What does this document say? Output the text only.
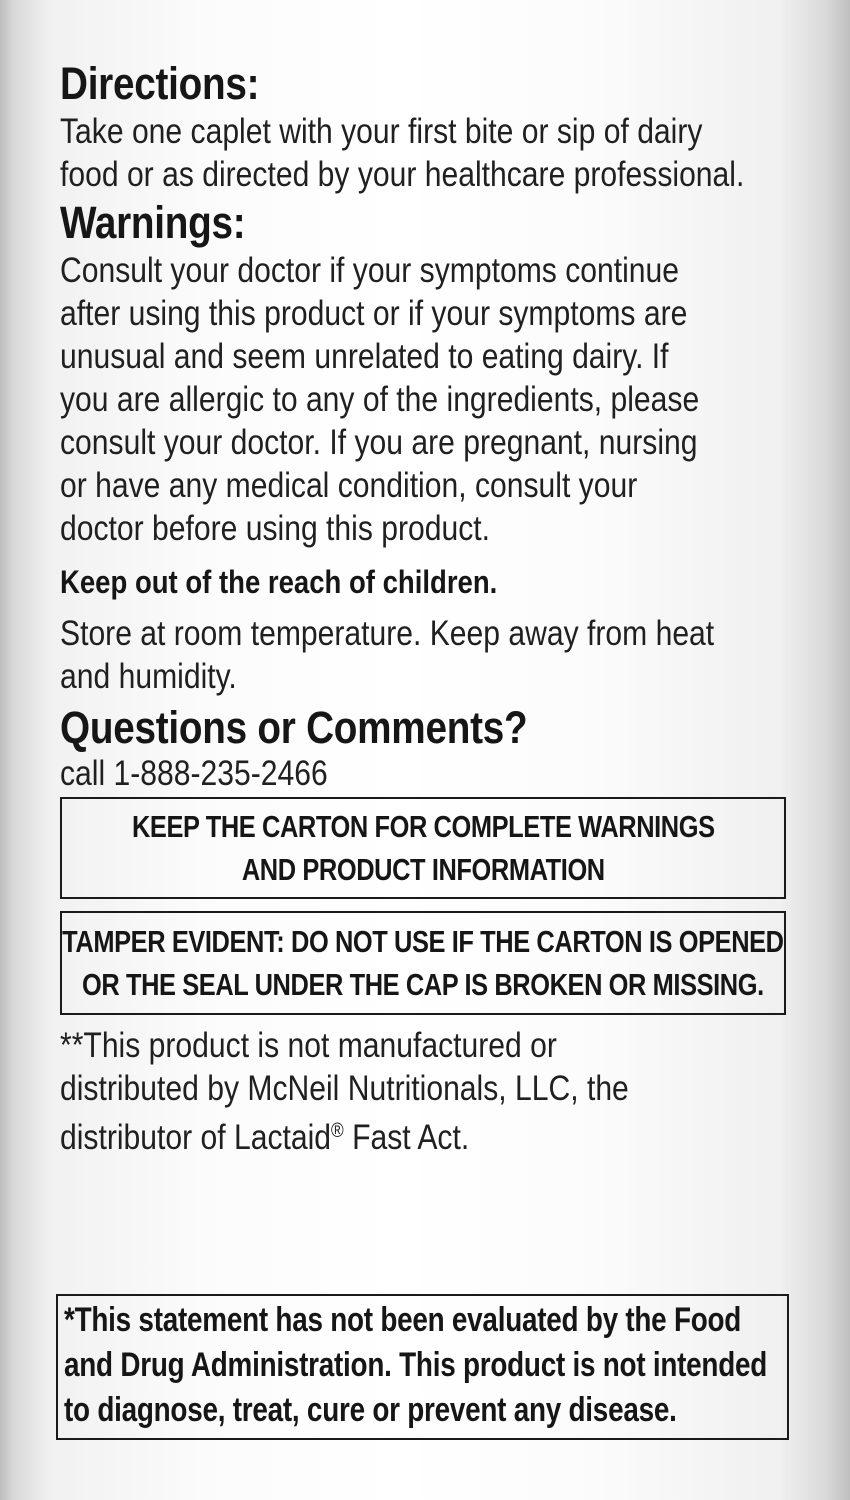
Directions:
Take one caplet with your first bite or sip of dairy
food or as directed by your healthcare professional.
Warnings:
Consult your doctor if your symptoms continue
after using this product or if your symptoms are
unusual and seem unrelated to eating dairy. If
you are allergic to any of the ingredients, please
consult your doctor. If you are pregnant, nursing
or have any medical condition, consult your
doctor before using this product.
Keep out of the reach of children.
Store at room temperature. Keep away from heat
and humidity.
Questions or Comments?
call 1-888-235-2466
KEEP THE CARTON FOR COMPLETE WARNINGS
AND PRODUCT INFORMATION
TAMPER EVIDENT: DO NOT USE IF THE CARTON IS OPENED
OR THE SEAL UNDER THE CAP IS BROKEN OR MISSING.
**This product is not manufactured or
distributed by McNeil Nutritionals, LLC, the
distributor of Lactaid® Fast Act.
*This statement has not been evaluated by the Food
and Drug Administration. This product is not intended
to diagnose, treat, cure or prevent any disease.
